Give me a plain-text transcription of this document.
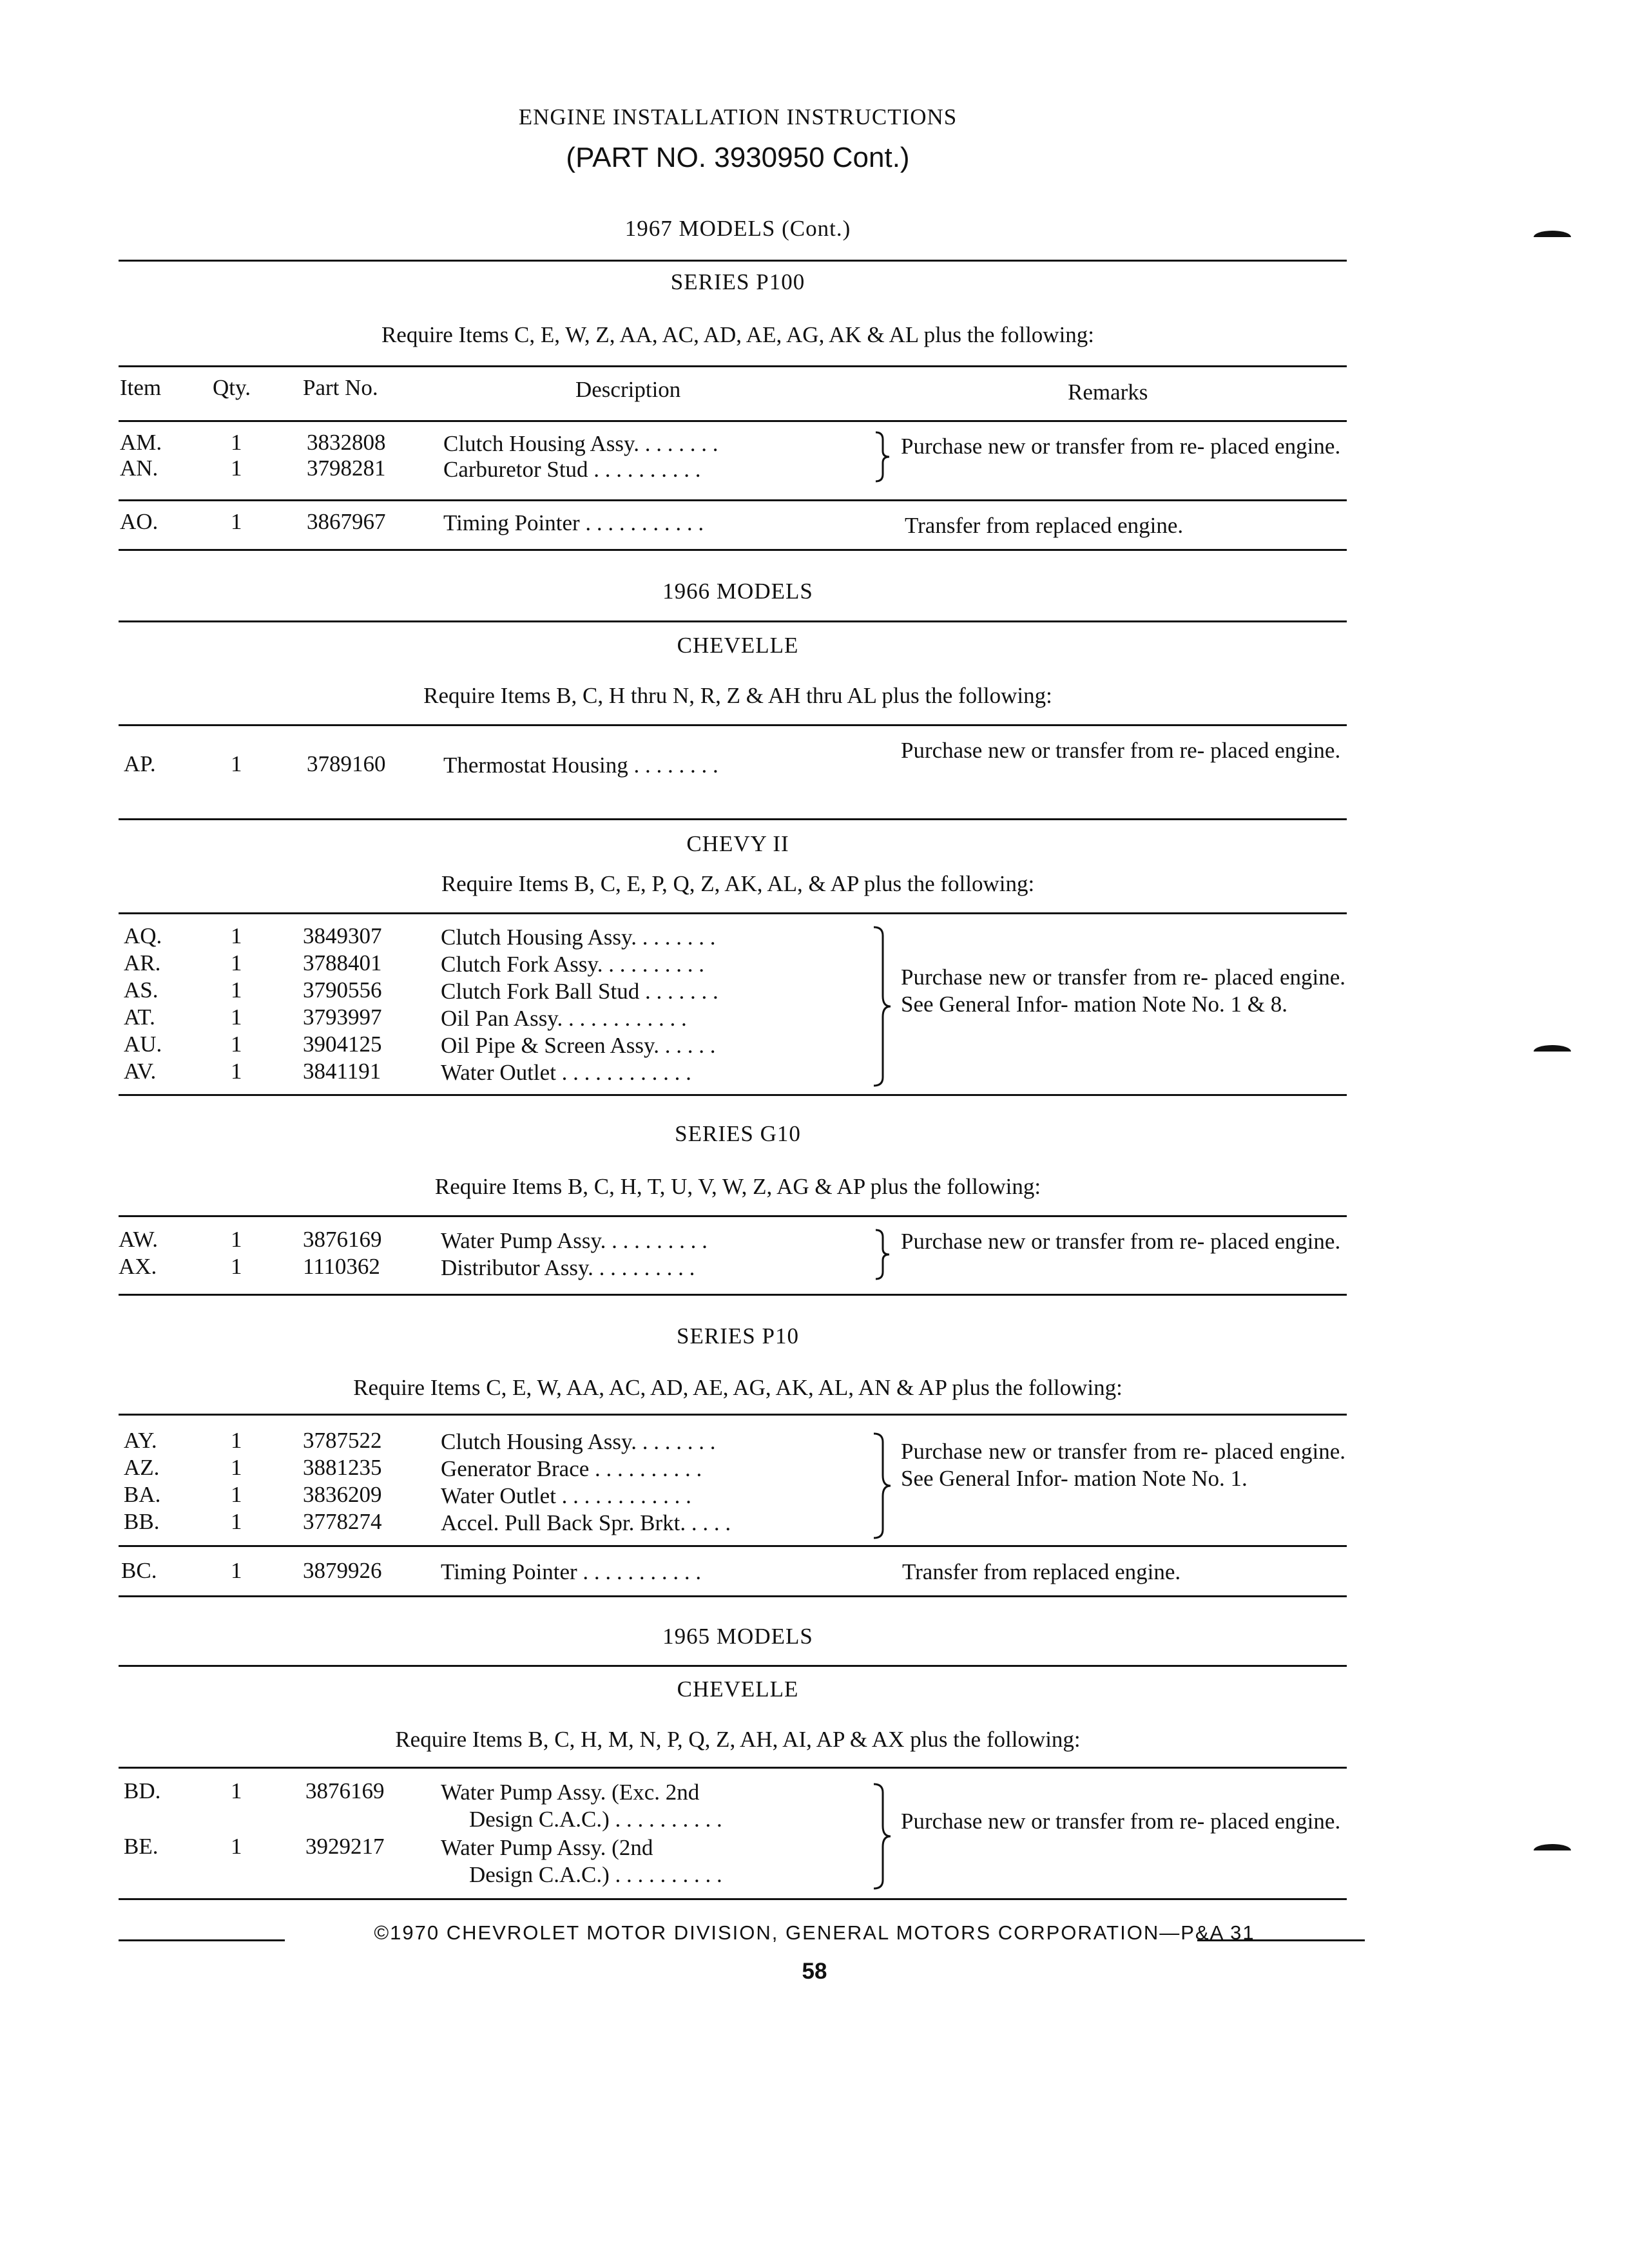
ENGINE INSTALLATION INSTRUCTIONS
(PART NO. 3930950 Cont.)
1967 MODELS (Cont.)
SERIES P100
Require Items C, E, W, Z, AA, AC, AD, AE, AG, AK & AL plus the following:
Item Qty. Part No.	Description	Remarks
AM.	1	3832808	Clutch Housing Assy. . . . . . . .
AN.	1	3798281	Carburetor Stud . . . . . . . . . .
Purchase new or transfer from re- placed engine.
AO.	1	3867967	Timing Pointer . . . . . . . . . . .	Transfer from replaced engine.
1966 MODELS
CHEVELLE
Require Items B, C, H thru N, R, Z & AH thru AL plus the following:
AP.	1	3789160	Thermostat Housing . . . . . . . .
Purchase new or transfer from re- placed engine.
CHEVY II
Require Items B, C, E, P, Q, Z, AK, AL, & AP plus the following:
AQ.	1	3849307	Clutch Housing Assy. . . . . . . .
AR.	1	3788401	Clutch Fork Assy. . . . . . . . . .
AS.	1	3790556	Clutch Fork Ball Stud . . . . . . .
AT.	1	3793997	Oil Pan Assy. . . . . . . . . . . .
AU.	1	3904125	Oil Pipe & Screen Assy. . . . . .
AV.	1	3841191	Water Outlet . . . . . . . . . . . .
Purchase new or transfer from re- placed engine. See General Infor- mation Note No. 1 & 8.
SERIES G10
Require Items B, C, H, T, U, V, W, Z, AG & AP plus the following:
AW.	1	3876169	Water Pump Assy. . . . . . . . . .
AX.	1	1110362	Distributor Assy. . . . . . . . . .
Purchase new or transfer from re- placed engine.
SERIES P10
Require Items C, E, W, AA, AC, AD, AE, AG, AK, AL, AN & AP plus the following:
AY.	1	3787522	Clutch Housing Assy. . . . . . . .
AZ.	1	3881235	Generator Brace . . . . . . . . . .
BA.	1	3836209	Water Outlet . . . . . . . . . . . .
BB.	1	3778274	Accel. Pull Back Spr. Brkt. . . . .
Purchase new or transfer from re- placed engine. See General Infor- mation Note No. 1.
BC.	1	3879926	Timing Pointer . . . . . . . . . . .	Transfer from replaced engine.
1965 MODELS
CHEVELLE
Require Items B, C, H, M, N, P, Q, Z, AH, AI, AP & AX plus the following:
BD.	1	3876169	Water Pump Assy. (Exc. 2nd
Design C.A.C.) . . . . . . . . . .
BE.	1	3929217	Water Pump Assy. (2nd
Design C.A.C.) . . . . . . . . . .
Purchase new or transfer from re- placed engine.
©1970 CHEVROLET MOTOR DIVISION, GENERAL MOTORS CORPORATION—P&A 31
58
